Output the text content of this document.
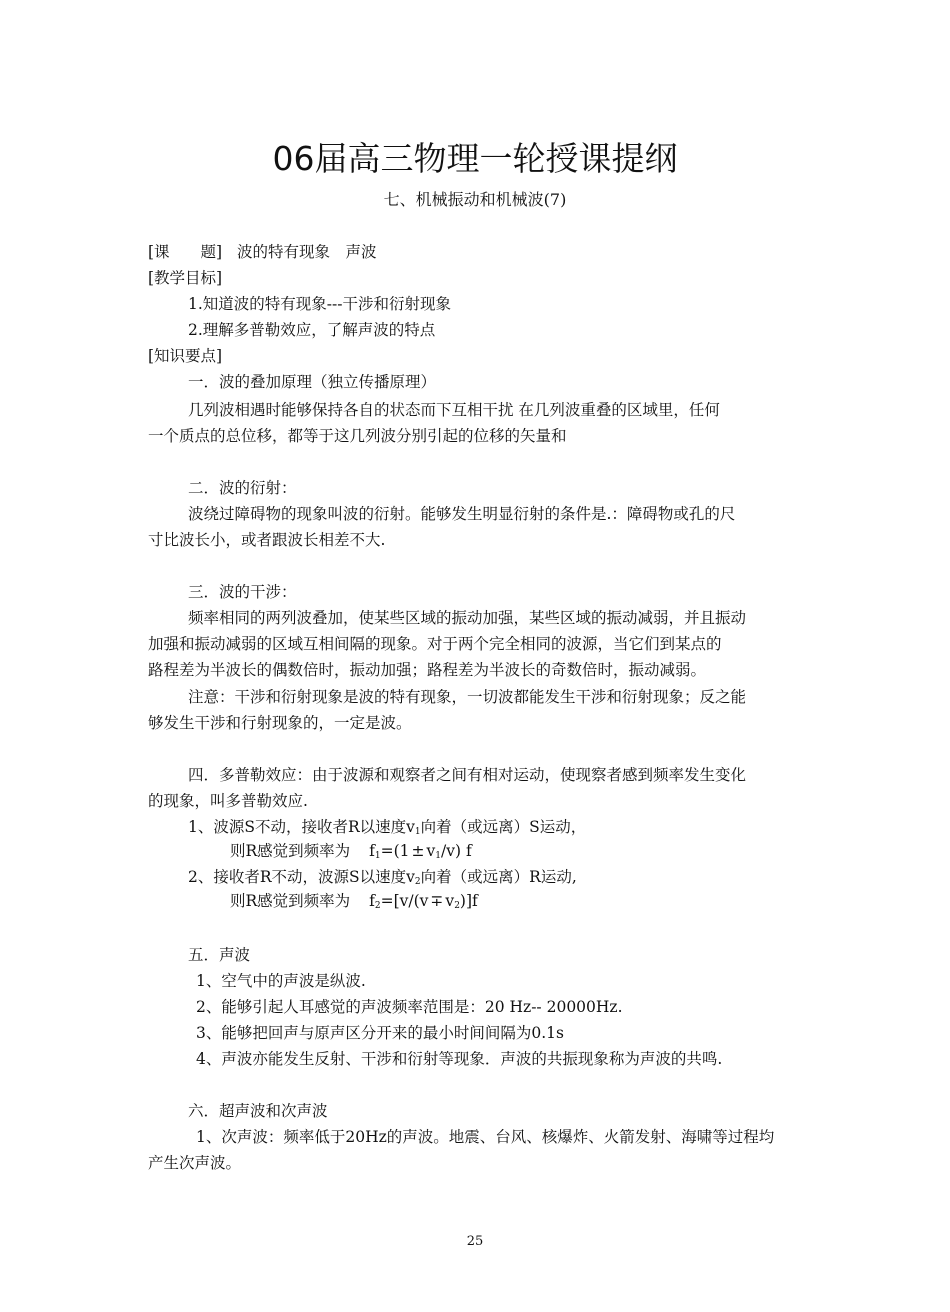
06届高三物理一轮授课提纲
七、机械振动和机械波(7)
[课　　题] 波的特有现象　声波
[教学目标]
1.知道波的特有现象---干涉和衍射现象
2.理解多普勒效应，了解声波的特点
[知识要点]
一．波的叠加原理（独立传播原理）
几列波相遇时能够保持各自的状态而下互相干扰 在几列波重叠的区域里，任何
一个质点的总位移，都等于这几列波分别引起的位移的矢量和
二．波的衍射：
波绕过障碍物的现象叫波的衍射。能够发生明显衍射的条件是.：障碍物或孔的尺
寸比波长小，或者跟波长相差不大.
三．波的干涉：
频率相同的两列波叠加，使某些区域的振动加强，某些区域的振动减弱，并且振动
加强和振动减弱的区域互相间隔的现象。对于两个完全相同的波源，当它们到某点的
路程差为半波长的偶数倍时，振动加强；路程差为半波长的奇数倍时，振动减弱。
注意：干涉和衍射现象是波的特有现象，一切波都能发生干涉和衍射现象；反之能
够发生干涉和行射现象的，一定是波。
四．多普勒效应：由于波源和观察者之间有相对运动，使现察者感到频率发生变化
的现象，叫多普勒效应.
1、波源S不动，接收者R以速度$v_1$向着（或远离）S运动，
则R感觉到频率为 $f_1=(1 \pm v_1/v)$ f
2、接收者R不动，波源S以速度$v_2$向着（或远离）R运动,
则R感觉到频率为 $f_2=[v/(v \mp v_2)]f$
五．声波
1、空气中的声波是纵波.
2、能够引起人耳感觉的声波频率范围是：20 Hz-- 20000Hz.
3、能够把回声与原声区分开来的最小时间间隔为0.1s
4、声波亦能发生反射、干涉和衍射等现象．声波的共振现象称为声波的共鸣.
六．超声波和次声波
1、次声波：频率低于20Hz的声波。地震、台风、核爆炸、火箭发射、海啸等过程均
产生次声波。
25
